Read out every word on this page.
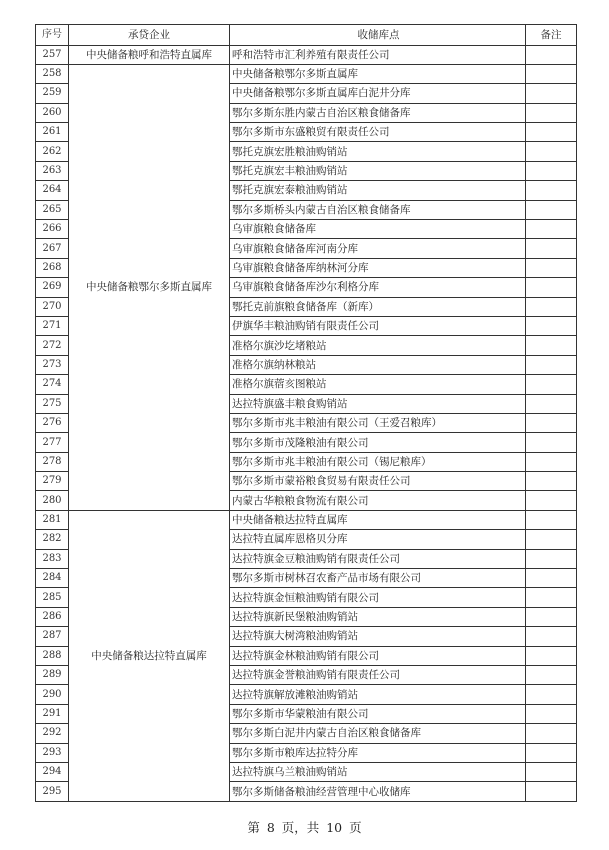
序号	承贷企业	收储库点	备注
257	中央储备粮呼和浩特直属库	呼和浩特市汇利养殖有限责任公司	
258	中央储备粮鄂尔多斯直属库	中央储备粮鄂尔多斯直属库	
259		中央储备粮鄂尔多斯直属库白泥井分库	
260		鄂尔多斯东胜内蒙古自治区粮食储备库	
261		鄂尔多斯市东盛粮贸有限责任公司	
262		鄂托克旗宏胜粮油购销站	
263		鄂托克旗宏丰粮油购销站	
264		鄂托克旗宏泰粮油购销站	
265		鄂尔多斯桥头内蒙古自治区粮食储备库	
266		乌审旗粮食储备库	
267		乌审旗粮食储备库河南分库	
268		乌审旗粮食储备库纳林河分库	
269		乌审旗粮食储备库沙尔利格分库	
270		鄂托克前旗粮食储备库（新库）	
271		伊旗华丰粮油购销有限责任公司	
272		准格尔旗沙圪堵粮站	
273		准格尔旗纳林粮站	
274		准格尔旗蓿亥图粮站	
275		达拉特旗盛丰粮食购销站	
276		鄂尔多斯市兆丰粮油有限公司（王爱召粮库）	
277		鄂尔多斯市茂隆粮油有限公司	
278		鄂尔多斯市兆丰粮油有限公司（锡尼粮库）	
279		鄂尔多斯市蒙裕粮食贸易有限责任公司	
280		内蒙古华粮粮食物流有限公司	
281	中央储备粮达拉特直属库	中央储备粮达拉特直属库	
282		达拉特直属库恩格贝分库	
283		达拉特旗金豆粮油购销有限责任公司	
284		鄂尔多斯市树林召农畜产品市场有限公司	
285		达拉特旗金恒粮油购销有限公司	
286		达拉特旗新民堡粮油购销站	
287		达拉特旗大树湾粮油购销站	
288		达拉特旗金林粮油购销有限公司	
289		达拉特旗金誉粮油购销有限责任公司	
290		达拉特旗解放滩粮油购销站	
291		鄂尔多斯市华蒙粮油有限公司	
292		鄂尔多斯白泥井内蒙古自治区粮食储备库	
293		鄂尔多斯市粮库达拉特分库	
294		达拉特旗乌兰粮油购销站	
295		鄂尔多斯储备粮油经营管理中心收储库	
第 8 页，共 10 页
